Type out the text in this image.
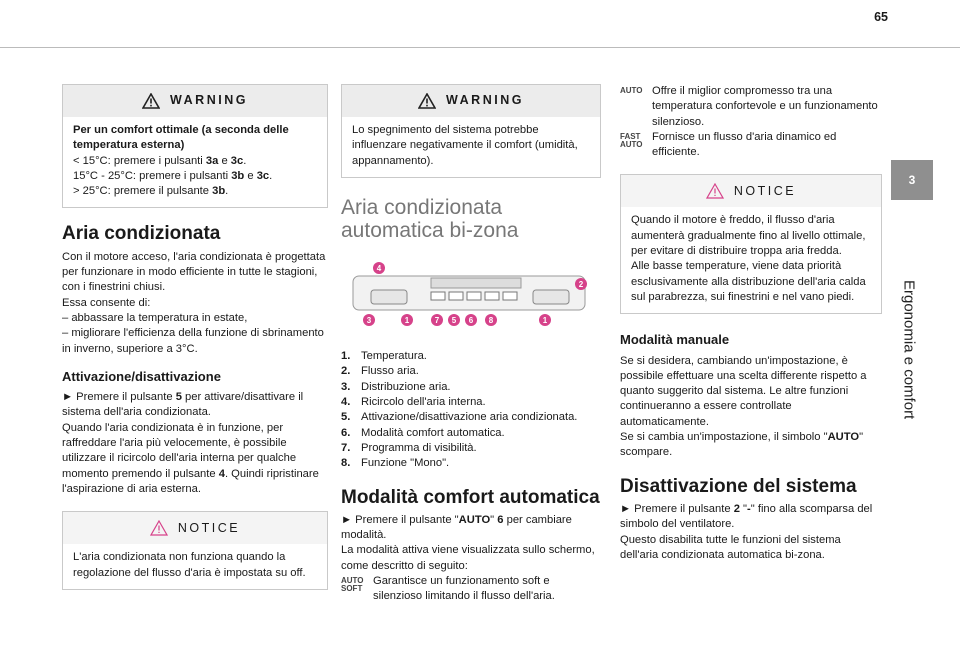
65
3
Ergonomia e comfort
WARNING

Per un comfort ottimale (a seconda delle temperatura esterna)

< 15°C: premere i pulsanti 3a e 3c.

15°C - 25°C: premere i pulsanti 3b e 3c.

> 25°C: premere il pulsante 3b.

Aria condizionata

Con il motore acceso, l'aria condizionata è progettata per funzionare in modo efficiente in tutte le stagioni, con i finestrini chiusi.

Essa consente di:

– abbassare la temperatura in estate,

– migliorare l'efficienza della funzione di sbrinamento in inverno, superiore a 3°C.

Attivazione/disattivazione

► Premere il pulsante 5 per attivare/disattivare il sistema dell'aria condizionata.

Quando l'aria condizionata è in funzione, per raffreddare l'aria più velocemente, è possibile utilizzare il ricircolo dell'aria interna per qualche momento premendo il pulsante 4. Quindi ripristinare l'aspirazione di aria esterna.

NOTICE

L'aria condizionata non funziona quando la regolazione del flusso d'aria è impostata su off.

WARNING

Lo spegnimento del sistema potrebbe influenzare negativamente il comfort (umidità, appannamento).

Aria condizionata automatica bi-zona
4
2
3	1	7 5 6 8	1
1. Temperatura.
2. Flusso aria.
3. Distribuzione aria.
4. Ricircolo dell'aria interna.
5. Attivazione/disattivazione aria condizionata.
6. Modalità comfort automatica.
7. Programma di visibilità.
8. Funzione "Mono".
Modalità comfort automatica

► Premere il pulsante "AUTO" 6 per cambiare modalità.

La modalità attiva viene visualizzata sullo schermo, come descritto di seguito:

AUTO SOFT

Garantisce un funzionamento soft e silenzioso limitando il flusso dell'aria.

AUTO Offre il miglior compromesso tra una temperatura confortevole e un funzionamento silenzioso.

FAST AUTO

Fornisce un flusso d'aria dinamico ed efficiente.

NOTICE

Quando il motore è freddo, il flusso d'aria aumenterà gradualmente fino al livello ottimale, per evitare di distribuire troppa aria fredda.

Alle basse temperature, viene data priorità esclusivamente alla distribuzione dell'aria calda sul parabrezza, sui finestrini e nel vano piedi.

Modalità manuale

Se si desidera, cambiando un'impostazione, è possibile effettuare una scelta differente rispetto a quanto suggerito dal sistema. Le altre funzioni continueranno a essere controllate automaticamente.

Se si cambia un'impostazione, il simbolo "AUTO" scompare.

Disattivazione del sistema

► Premere il pulsante 2 "-" fino alla scomparsa del simbolo del ventilatore.

Questo disabilita tutte le funzioni del sistema dell'aria condizionata automatica bi-zona.
